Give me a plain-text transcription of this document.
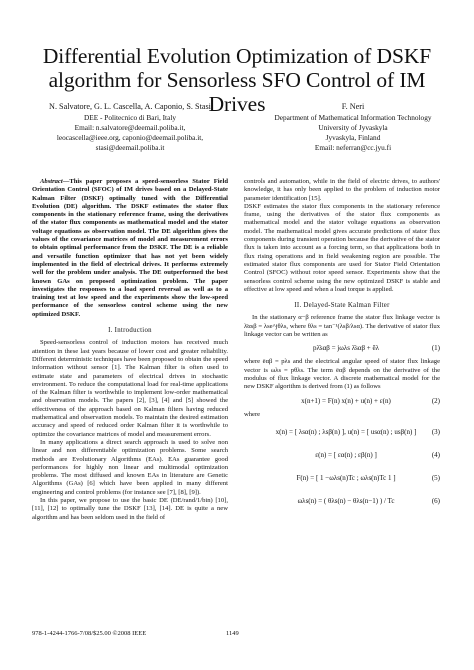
Differential Evolution Optimization of DSKF
algorithm for Sensorless SFO Control of IM Drives
N. Salvatore, G. L. Cascella, A. Caponio, S. Stasi
DEE - Politecnico di Bari, Italy
Email: n.salvatore@deemail.poliba.it,
leocascella@ieee.org, caponio@deemail.poliba.it,
stasi@deemail.poliba.it
F. Neri
Department of Mathematical Information Technology
University of Jyvaskyla
Jyvaskyla, Finland
Email: neferran@cc.jyu.fi

Abstract—This paper proposes a speed-sensorless Stator Field Orientation Control (SFOC) of IM drives based on a Delayed-State Kalman Filter (DSKF) optimally tuned with the Differential Evolution (DE) algorithm. The DSKF estimates the stator flux components in the stationary reference frame, using the derivatives of the stator flux components as mathematical model and the stator voltage equations as observation model. The DE algorithm gives the values of the covariance matrices of model and measurement errors to obtain optimal performance from the DSKF. The DE is a reliable and versatile function optimizer that has not yet been widely implemented in the field of electrical drives. It performs extremely well for the problem under analysis. The DE outperformed the best known GAs on proposed optimization problem. The paper investigates the responses to a load speed reversal as well as to a training test at low speed and the experiments show the low-speed performance of the sensorless control scheme using the new optimized DSKF.

I. Introduction

Speed-sensorless control of induction motors has received much attention in these last years because of lower cost and greater reliability. Different deterministic techniques have been proposed to obtain the speed information without sensor [1]. The Kalman filter is often used to estimate state and parameters of electrical drives in stochastic environment. To reduce the computational load for real-time applications of the Kalman filter is worthwhile to implement low-order mathematical and observation models. The papers [2], [3], [4] and [5] showed the effectiveness of the approach based on Kalman filters having reduced mathematical and observation models. To maintain the desired estimation accuracy and speed of reduced order Kalman filter it is worthwhile to optimize the covariance matrices of model and measurement errors.

In many applications a direct search approach is used to solve non linear and non differentiable optimization problems. Some search methods are Evolutionary Algorithms (EAs). EAs guarantee good performances for highly non linear and multimodal optimization problems. The most diffused and known EAs in literature are Genetic Algorithms (GAs) [6] which have been applied in many different engineering and control problems (for instance see [7], [8], [9]).

In this paper, we propose to use the basic DE (DE/rand/1/bin) [10], [11], [12] to optimally tune the DSKF [13], [14]. DE is quite a new algorithm and has been seldom used in the field of

controls and automation, while in the field of electric drives, to authors' knowledge, it has only been applied to the problem of induction motor parameter identification [15].

DSKF estimates the stator flux components in the stationary reference frame, using the derivatives of the stator flux components as mathematical model and the stator voltage equations as observation model. The mathematical model gives accurate predictions of stator flux components during transient operation because the derivative of the stator flux is taken into account as a forcing term, so that applications both in flux rising operations and in field weakening region are possible. The estimated stator flux components are used for Stator Field Orientation Control (SFOC) without rotor speed sensor. Experiments show that the sensorless control scheme using the new optimized DSKF is stable and effective at low speed and when a load torque is applied.

II. Delayed-State Kalman Filter

In the stationary α−β reference frame the stator flux linkage vector is λ̄αsβ = λse^jθλs, where θλs = tan⁻¹(λsβ/λsα). The derivative of stator flux linkage vector can be written as

pλ̄sαβ = jωλs λ̄sαβ + ēλ	(1)

where ēαβ = pλs and the electrical angular speed of stator flux linkage vector is ωλs = pθλs. The term ēαβ depends on the derivative of the modulus of flux linkage vector. A discrete mathematical model for the new DSKF algorithm is derived from (1) as follows

x(n+1) = F(n) x(n) + u(n) + ε(n)	(2)

where

x(n) = [ λsα(n) ; λsβ(n) ], u(n) = [ usα(n) ; usβ(n) ] (3)
ε(n) = [ εα(n) ; εβ(n) ]	(4)
F(n) = [ 1 −ωλs(n)Tc ; ωλs(n)Tc 1 ]	(5)
ωλs(n) = ( θλs(n) − θλs(n−1) ) / Tc	(6)
978-1-4244-1766-7/08/$25.00 ©2008 IEEE	1149
